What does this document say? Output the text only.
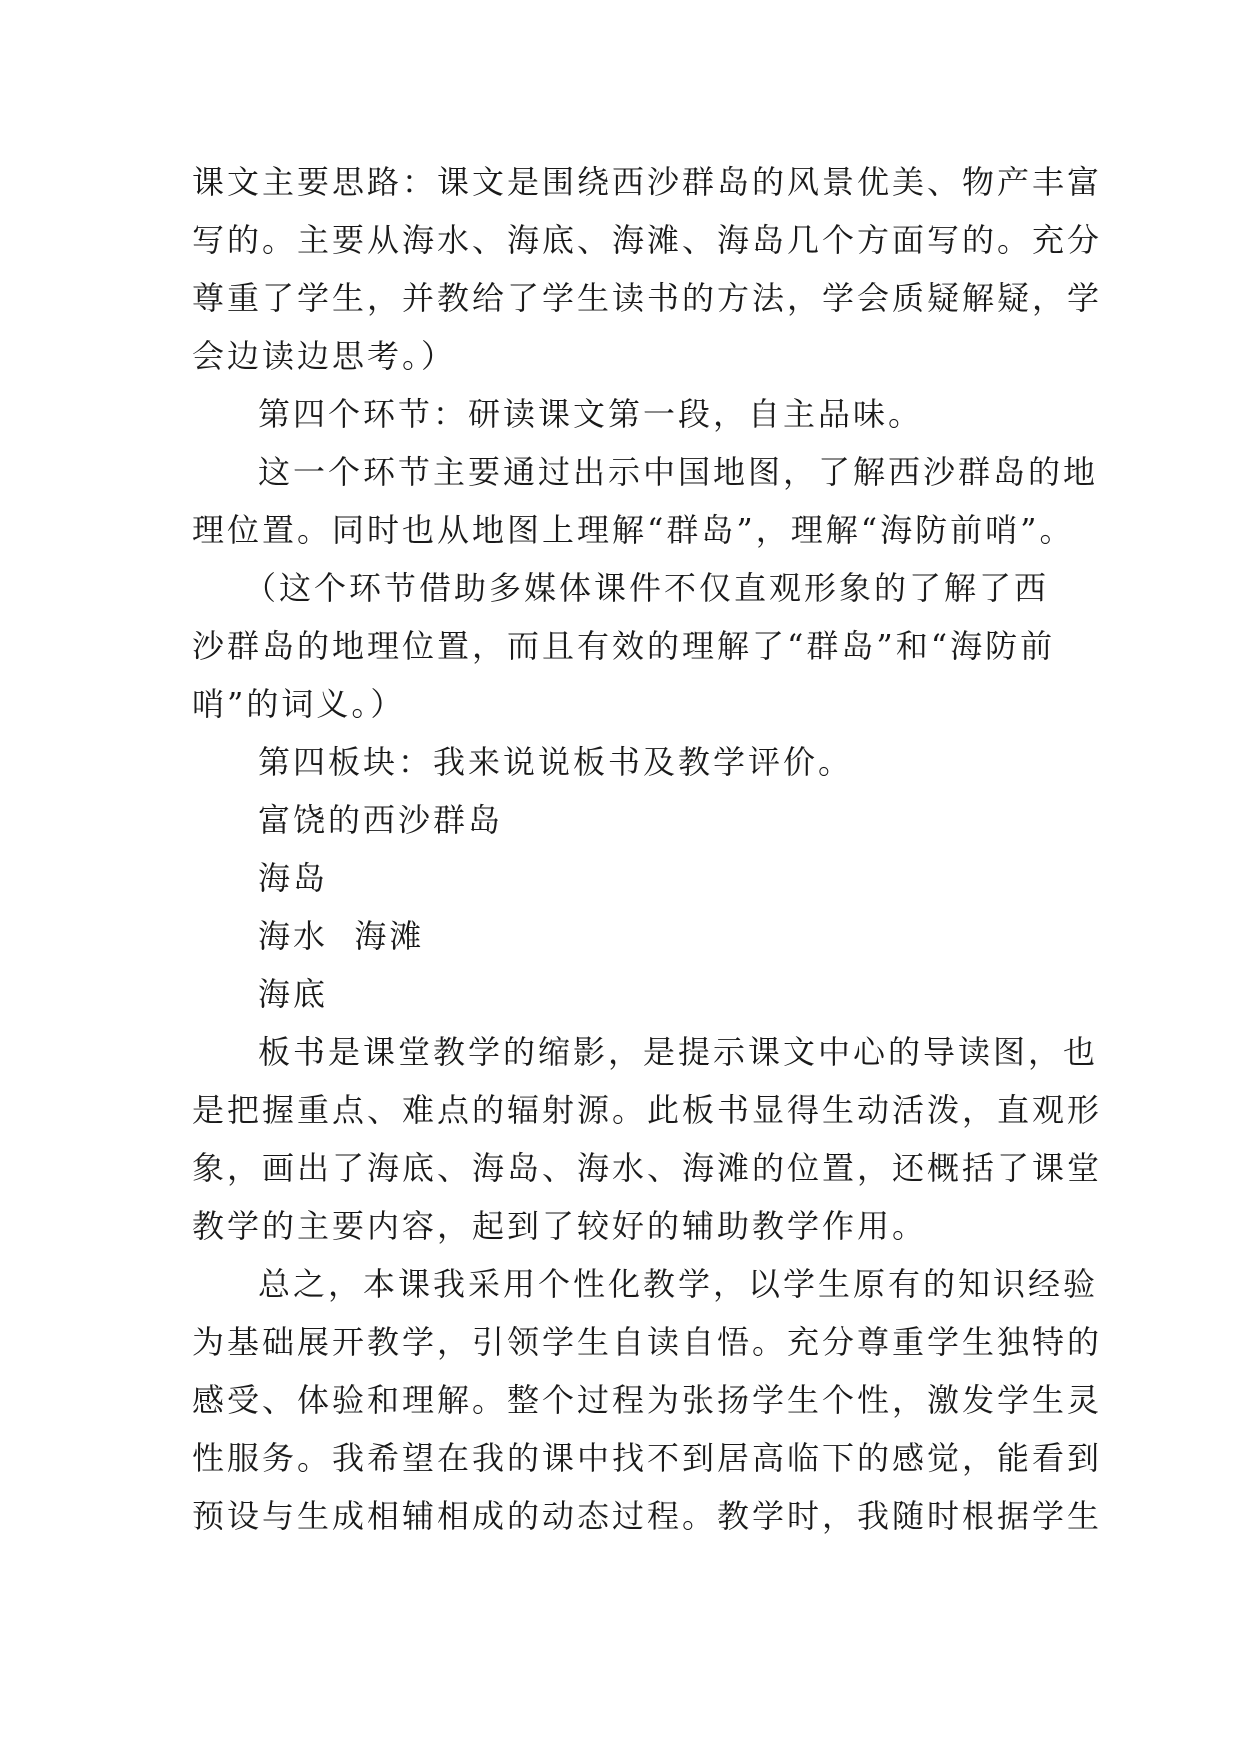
课文主要思路：课文是围绕西沙群岛的风景优美、物产丰富
写的。主要从海水、海底、海滩、海岛几个方面写的。充分
尊重了学生，并教给了学生读书的方法，学会质疑解疑，学
会边读边思考。）
第四个环节：研读课文第一段，自主品味。
这一个环节主要通过出示中国地图，了解西沙群岛的地
理位置。同时也从地图上理解“群岛”，理解“海防前哨”。
（这个环节借助多媒体课件不仅直观形象的了解了西
沙群岛的地理位置，而且有效的理解了“群岛”和“海防前
哨”的词义。）
第四板块：我来说说板书及教学评价。
富饶的西沙群岛
海岛
海水  海滩
海底
板书是课堂教学的缩影，是提示课文中心的导读图，也
是把握重点、难点的辐射源。此板书显得生动活泼，直观形
象，画出了海底、海岛、海水、海滩的位置，还概括了课堂
教学的主要内容，起到了较好的辅助教学作用。
总之，本课我采用个性化教学，以学生原有的知识经验
为基础展开教学，引领学生自读自悟。充分尊重学生独特的
感受、体验和理解。整个过程为张扬学生个性，激发学生灵
性服务。我希望在我的课中找不到居高临下的感觉，能看到
预设与生成相辅相成的动态过程。教学时，我随时根据学生
